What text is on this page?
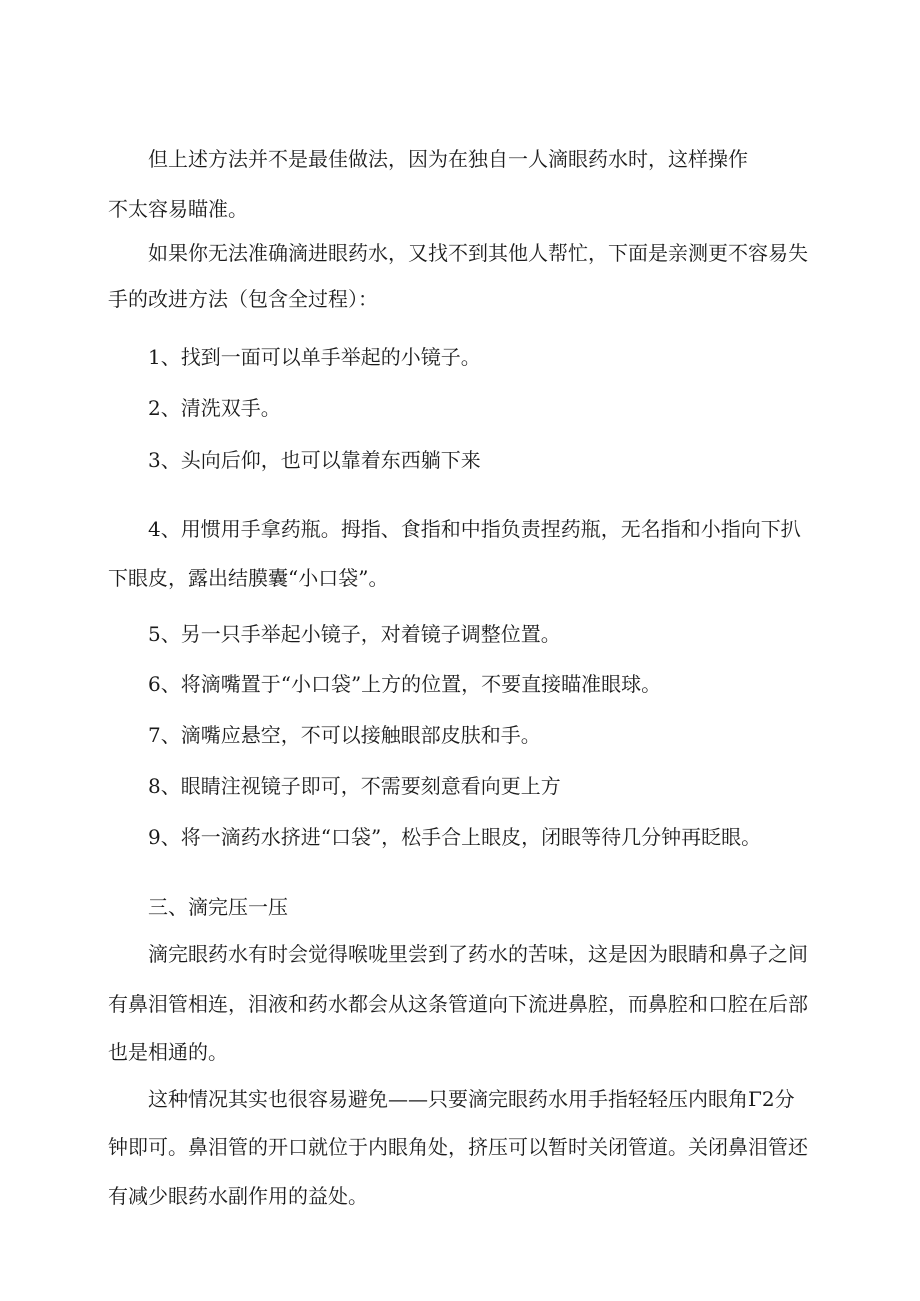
但上述方法并不是最佳做法，因为在独自一人滴眼药水时，这样操作

不太容易瞄准。

如果你无法准确滴进眼药水，又找不到其他人帮忙，下面是亲测更不容易失

手的改进方法（包含全过程）：

1、找到一面可以单手举起的小镜子。

2、清洗双手。

3、头向后仰，也可以靠着东西躺下来

4、用惯用手拿药瓶。拇指、食指和中指负责捏药瓶，无名指和小指向下扒

下眼皮，露出结膜囊“小口袋”。

5、另一只手举起小镜子，对着镜子调整位置。

6、将滴嘴置于“小口袋”上方的位置，不要直接瞄准眼球。

7、滴嘴应悬空，不可以接触眼部皮肤和手。

8、眼睛注视镜子即可，不需要刻意看向更上方

9、将一滴药水挤进“口袋”，松手合上眼皮，闭眼等待几分钟再眨眼。

三、滴完压一压

滴完眼药水有时会觉得喉咙里尝到了药水的苦味，这是因为眼睛和鼻子之间

有鼻泪管相连，泪液和药水都会从这条管道向下流进鼻腔，而鼻腔和口腔在后部

也是相通的。

这种情况其实也很容易避免——只要滴完眼药水用手指轻轻压内眼角Γ2分

钟即可。鼻泪管的开口就位于内眼角处，挤压可以暂时关闭管道。关闭鼻泪管还

有减少眼药水副作用的益处。
